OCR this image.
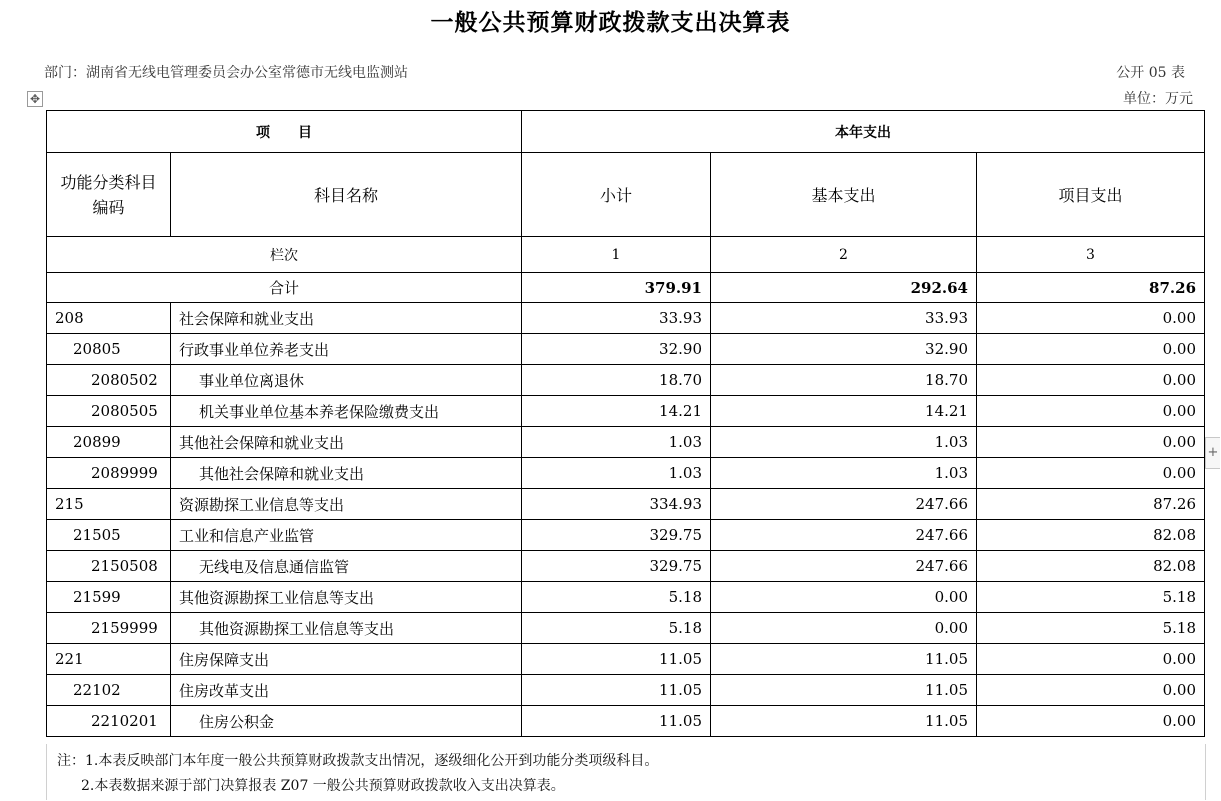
一般公共预算财政拨款支出决算表
部门：湖南省无线电管理委员会办公室常德市无线电监测站	公开 05 表
单位：万元
✥
+
项　　目		本年支出		
功能分类科目编码	科目名称	小计	基本支出	项目支出
栏次		1	2	3
合计		379.91	292.64	87.26
208	社会保障和就业支出	33.93	33.93	0.00
20805	行政事业单位养老支出	32.90	32.90	0.00
2080502	事业单位离退休	18.70	18.70	0.00
2080505	机关事业单位基本养老保险缴费支出	14.21	14.21	0.00
20899	其他社会保障和就业支出	1.03	1.03	0.00
2089999	其他社会保障和就业支出	1.03	1.03	0.00
215	资源勘探工业信息等支出	334.93	247.66	87.26
21505	工业和信息产业监管	329.75	247.66	82.08
2150508	无线电及信息通信监管	329.75	247.66	82.08
21599	其他资源勘探工业信息等支出	5.18	0.00	5.18
2159999	其他资源勘探工业信息等支出	5.18	0.00	5.18
221	住房保障支出	11.05	11.05	0.00
22102	住房改革支出	11.05	11.05	0.00
2210201	住房公积金	11.05	11.05	0.00
注：1.本表反映部门本年度一般公共预算财政拨款支出情况，逐级细化公开到功能分类项级科目。
2.本表数据来源于部门决算报表 Z07 一般公共预算财政拨款收入支出决算表。
